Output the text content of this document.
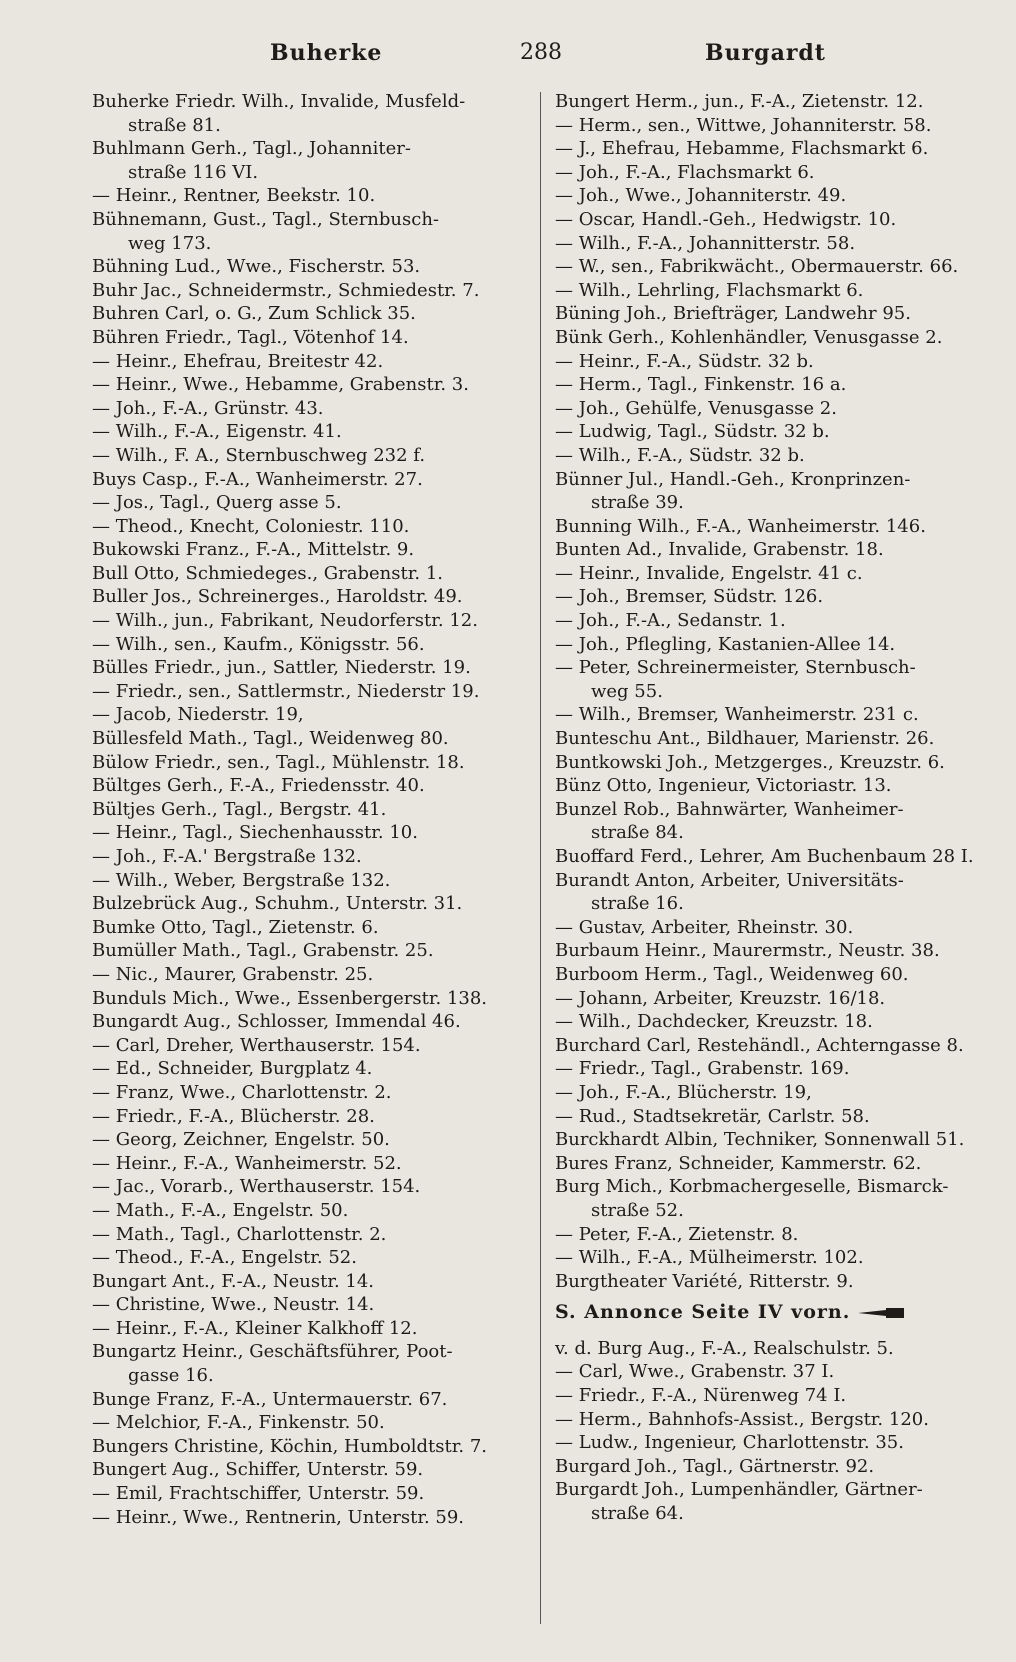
Buherke	288	Burgardt
Buherke Friedr. Wilh., Invalide, Musfeld-
straße 81.
Buhlmann Gerh., Tagl., Johanniter-
straße 116 VI.
— Heinr., Rentner, Beekstr. 10.
Bühnemann, Gust., Tagl., Sternbusch-
weg 173.
Bühning Lud., Wwe., Fischerstr. 53.
Buhr Jac., Schneidermstr., Schmiedestr. 7.
Buhren Carl, o. G., Zum Schlick 35.
Bühren Friedr., Tagl., Vötenhof 14.
— Heinr., Ehefrau, Breitestr 42.
— Heinr., Wwe., Hebamme, Grabenstr. 3.
— Joh., F.-A., Grünstr. 43.
— Wilh., F.-A., Eigenstr. 41.
— Wilh., F. A., Sternbuschweg 232 f.
Buys Casp., F.-A., Wanheimerstr. 27.
— Jos., Tagl., Querg asse 5.
— Theod., Knecht, Coloniestr. 110.
Bukowski Franz., F.-A., Mittelstr. 9.
Bull Otto, Schmiedeges., Grabenstr. 1.
Buller Jos., Schreinerges., Haroldstr. 49.
— Wilh., jun., Fabrikant, Neudorferstr. 12.
— Wilh., sen., Kaufm., Königsstr. 56.
Bülles Friedr., jun., Sattler, Niederstr. 19.
— Friedr., sen., Sattlermstr., Niederstr 19.
— Jacob, Niederstr. 19,
Büllesfeld Math., Tagl., Weidenweg 80.
Bülow Friedr., sen., Tagl., Mühlenstr. 18.
Bültges Gerh., F.-A., Friedensstr. 40.
Bültjes Gerh., Tagl., Bergstr. 41.
— Heinr., Tagl., Siechenhausstr. 10.
— Joh., F.-A.' Bergstraße 132.
— Wilh., Weber, Bergstraße 132.
Bulzebrück Aug., Schuhm., Unterstr. 31.
Bumke Otto, Tagl., Zietenstr. 6.
Bumüller Math., Tagl., Grabenstr. 25.
— Nic., Maurer, Grabenstr. 25.
Bunduls Mich., Wwe., Essenbergerstr. 138.
Bungardt Aug., Schlosser, Immendal 46.
— Carl, Dreher, Werthauserstr. 154.
— Ed., Schneider, Burgplatz 4.
— Franz, Wwe., Charlottenstr. 2.
— Friedr., F.-A., Blücherstr. 28.
— Georg, Zeichner, Engelstr. 50.
— Heinr., F.-A., Wanheimerstr. 52.
— Jac., Vorarb., Werthauserstr. 154.
— Math., F.-A., Engelstr. 50.
— Math., Tagl., Charlottenstr. 2.
— Theod., F.-A., Engelstr. 52.
Bungart Ant., F.-A., Neustr. 14.
— Christine, Wwe., Neustr. 14.
— Heinr., F.-A., Kleiner Kalkhoff 12.
Bungartz Heinr., Geschäftsführer, Poot-
gasse 16.
Bunge Franz, F.-A., Untermauerstr. 67.
— Melchior, F.-A., Finkenstr. 50.
Bungers Christine, Köchin, Humboldtstr. 7.
Bungert Aug., Schiffer, Unterstr. 59.
— Emil, Frachtschiffer, Unterstr. 59.
— Heinr., Wwe., Rentnerin, Unterstr. 59.
Bungert Herm., jun., F.-A., Zietenstr. 12.
— Herm., sen., Wittwe, Johanniterstr. 58.
— J., Ehefrau, Hebamme, Flachsmarkt 6.
— Joh., F.-A., Flachsmarkt 6.
— Joh., Wwe., Johanniterstr. 49.
— Oscar, Handl.-Geh., Hedwigstr. 10.
— Wilh., F.-A., Johannitterstr. 58.
— W., sen., Fabrikwächt., Obermauerstr. 66.
— Wilh., Lehrling, Flachsmarkt 6.
Büning Joh., Briefträger, Landwehr 95.
Bünk Gerh., Kohlenhändler, Venusgasse 2.
— Heinr., F.-A., Südstr. 32 b.
— Herm., Tagl., Finkenstr. 16 a.
— Joh., Gehülfe, Venusgasse 2.
— Ludwig, Tagl., Südstr. 32 b.
— Wilh., F.-A., Südstr. 32 b.
Bünner Jul., Handl.-Geh., Kronprinzen-
straße 39.
Bunning Wilh., F.-A., Wanheimerstr. 146.
Bunten Ad., Invalide, Grabenstr. 18.
— Heinr., Invalide, Engelstr. 41 c.
— Joh., Bremser, Südstr. 126.
— Joh., F.-A., Sedanstr. 1.
— Joh., Pflegling, Kastanien-Allee 14.
— Peter, Schreinermeister, Sternbusch-
weg 55.
— Wilh., Bremser, Wanheimerstr. 231 c.
Bunteschu Ant., Bildhauer, Marienstr. 26.
Buntkowski Joh., Metzgerges., Kreuzstr. 6.
Bünz Otto, Ingenieur, Victoriastr. 13.
Bunzel Rob., Bahnwärter, Wanheimer-
straße 84.
Buoffard Ferd., Lehrer, Am Buchenbaum 28 I.
Burandt Anton, Arbeiter, Universitäts-
straße 16.
— Gustav, Arbeiter, Rheinstr. 30.
Burbaum Heinr., Maurermstr., Neustr. 38.
Burboom Herm., Tagl., Weidenweg 60.
— Johann, Arbeiter, Kreuzstr. 16/18.
— Wilh., Dachdecker, Kreuzstr. 18.
Burchard Carl, Restehändl., Achterngasse 8.
— Friedr., Tagl., Grabenstr. 169.
— Joh., F.-A., Blücherstr. 19,
— Rud., Stadtsekretär, Carlstr. 58.
Burckhardt Albin, Techniker, Sonnenwall 51.
Bures Franz, Schneider, Kammerstr. 62.
Burg Mich., Korbmachergeselle, Bismarck-
straße 52.
— Peter, F.-A., Zietenstr. 8.
— Wilh., F.-A., Mülheimerstr. 102.
Burgtheater Variété, Ritterstr. 9.
S. Annonce Seite IV vorn.
v. d. Burg Aug., F.-A., Realschulstr. 5.
— Carl, Wwe., Grabenstr. 37 I.
— Friedr., F.-A., Nürenweg 74 I.
— Herm., Bahnhofs-Assist., Bergstr. 120.
— Ludw., Ingenieur, Charlottenstr. 35.
Burgard Joh., Tagl., Gärtnerstr. 92.
Burgardt Joh., Lumpenhändler, Gärtner-
straße 64.
